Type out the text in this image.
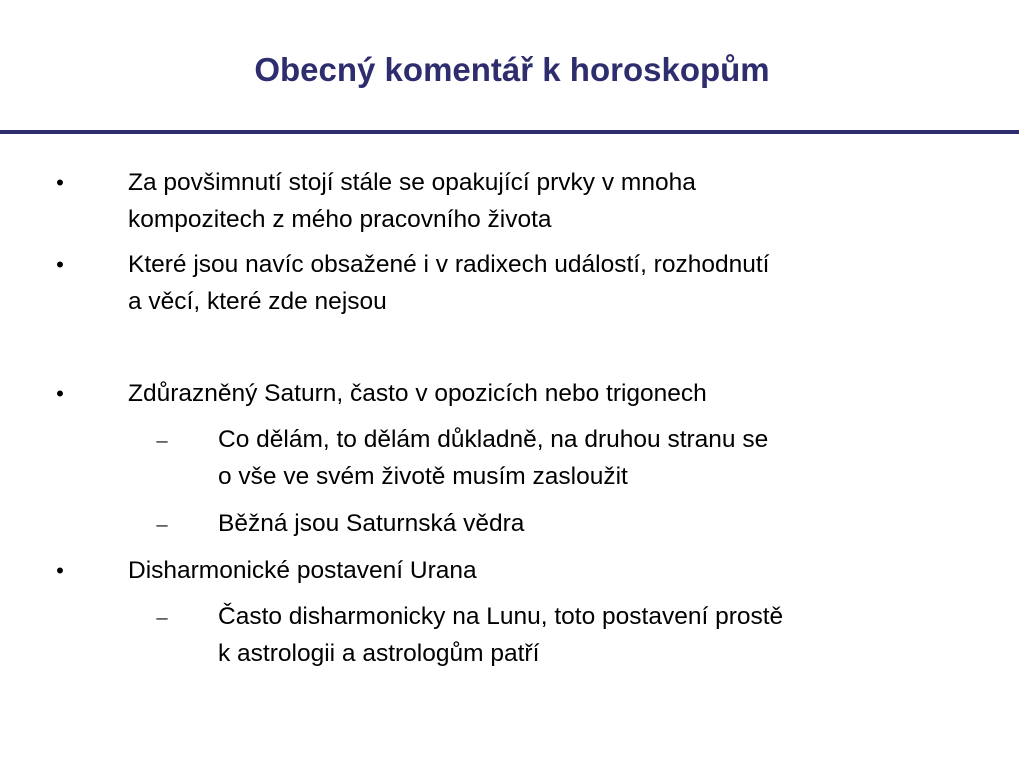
Obecný komentář k horoskopům
•	Za povšimnutí stojí stále se opakující prvky v mnoha
kompozitech z mého pracovního života
•	Které jsou navíc obsažené i v radixech událostí, rozhodnutí
a věcí, které zde nejsou
•	Zdůrazněný Saturn, často v opozicích nebo trigonech
– Co dělám, to dělám důkladně, na druhou stranu se
o vše ve svém životě musím zasloužit
– Běžná jsou Saturnská vědra
•	Disharmonické postavení Urana
– Často disharmonicky na Lunu, toto postavení prostě
k astrologii a astrologům patří
